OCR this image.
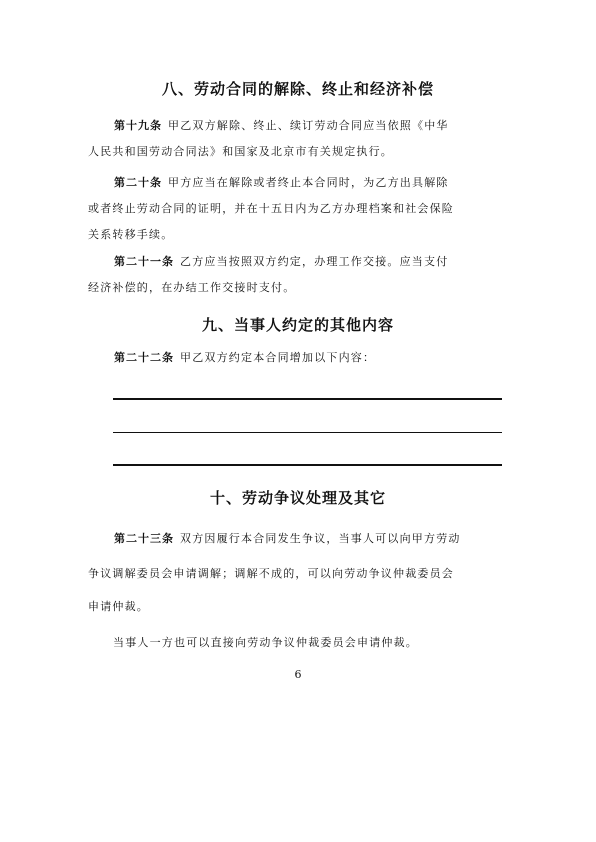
八、劳动合同的解除、终止和经济补偿
第十九条 甲乙双方解除、终止、续订劳动合同应当依照《中华
人民共和国劳动合同法》和国家及北京市有关规定执行。
第二十条 甲方应当在解除或者终止本合同时，为乙方出具解除
或者终止劳动合同的证明，并在十五日内为乙方办理档案和社会保险
关系转移手续。
第二十一条 乙方应当按照双方约定，办理工作交接。应当支付
经济补偿的，在办结工作交接时支付。
九、当事人约定的其他内容
第二十二条 甲乙双方约定本合同增加以下内容：
十、劳动争议处理及其它
第二十三条 双方因履行本合同发生争议，当事人可以向甲方劳动
争议调解委员会申请调解；调解不成的，可以向劳动争议仲裁委员会
申请仲裁。
当事人一方也可以直接向劳动争议仲裁委员会申请仲裁。
6
